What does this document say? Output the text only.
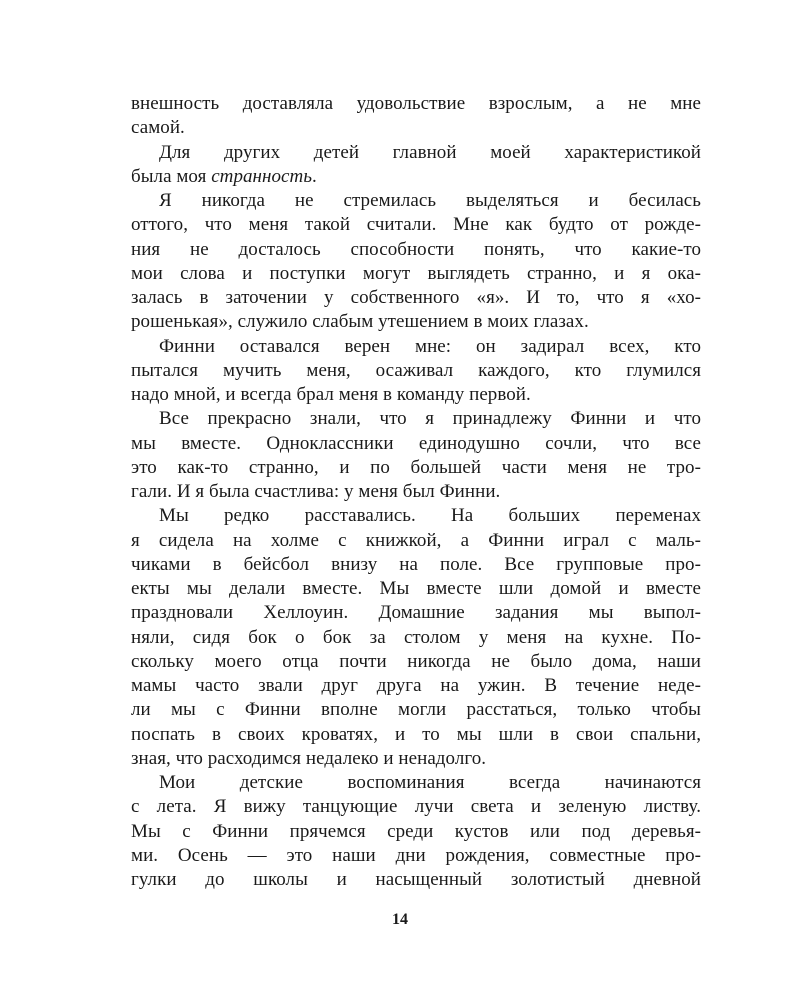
внешность доставляла удовольствие взрослым, а не мне
самой.
Для других детей главной моей характеристикой
была моя странность.
Я никогда не стремилась выделяться и бесилась
оттого, что меня такой считали. Мне как будто от рожде-
ния не досталось способности понять, что какие-то
мои слова и поступки могут выглядеть странно, и я ока-
залась в заточении у собственного «я». И то, что я «хо-
рошенькая», служило слабым утешением в моих глазах.
Финни оставался верен мне: он задирал всех, кто
пытался мучить меня, осаживал каждого, кто глумился
надо мной, и всегда брал меня в команду первой.
Все прекрасно знали, что я принадлежу Финни и что
мы вместе. Одноклассники единодушно сочли, что все
это как-то странно, и по большей части меня не тро-
гали. И я была счастлива: у меня был Финни.
Мы редко расставались. На больших переменах
я сидела на холме с книжкой, а Финни играл с маль-
чиками в бейсбол внизу на поле. Все групповые про-
екты мы делали вместе. Мы вместе шли домой и вместе
праздновали Хеллоуин. Домашние задания мы выпол-
няли, сидя бок о бок за столом у меня на кухне. По-
скольку моего отца почти никогда не было дома, наши
мамы часто звали друг друга на ужин. В течение неде-
ли мы с Финни вполне могли расстаться, только чтобы
поспать в своих кроватях, и то мы шли в свои спальни,
зная, что расходимся недалеко и ненадолго.
Мои детские воспоминания всегда начинаются
с лета. Я вижу танцующие лучи света и зеленую листву.
Мы с Финни прячемся среди кустов или под деревья-
ми. Осень — это наши дни рождения, совместные про-
гулки до школы и насыщенный золотистый дневной
14
